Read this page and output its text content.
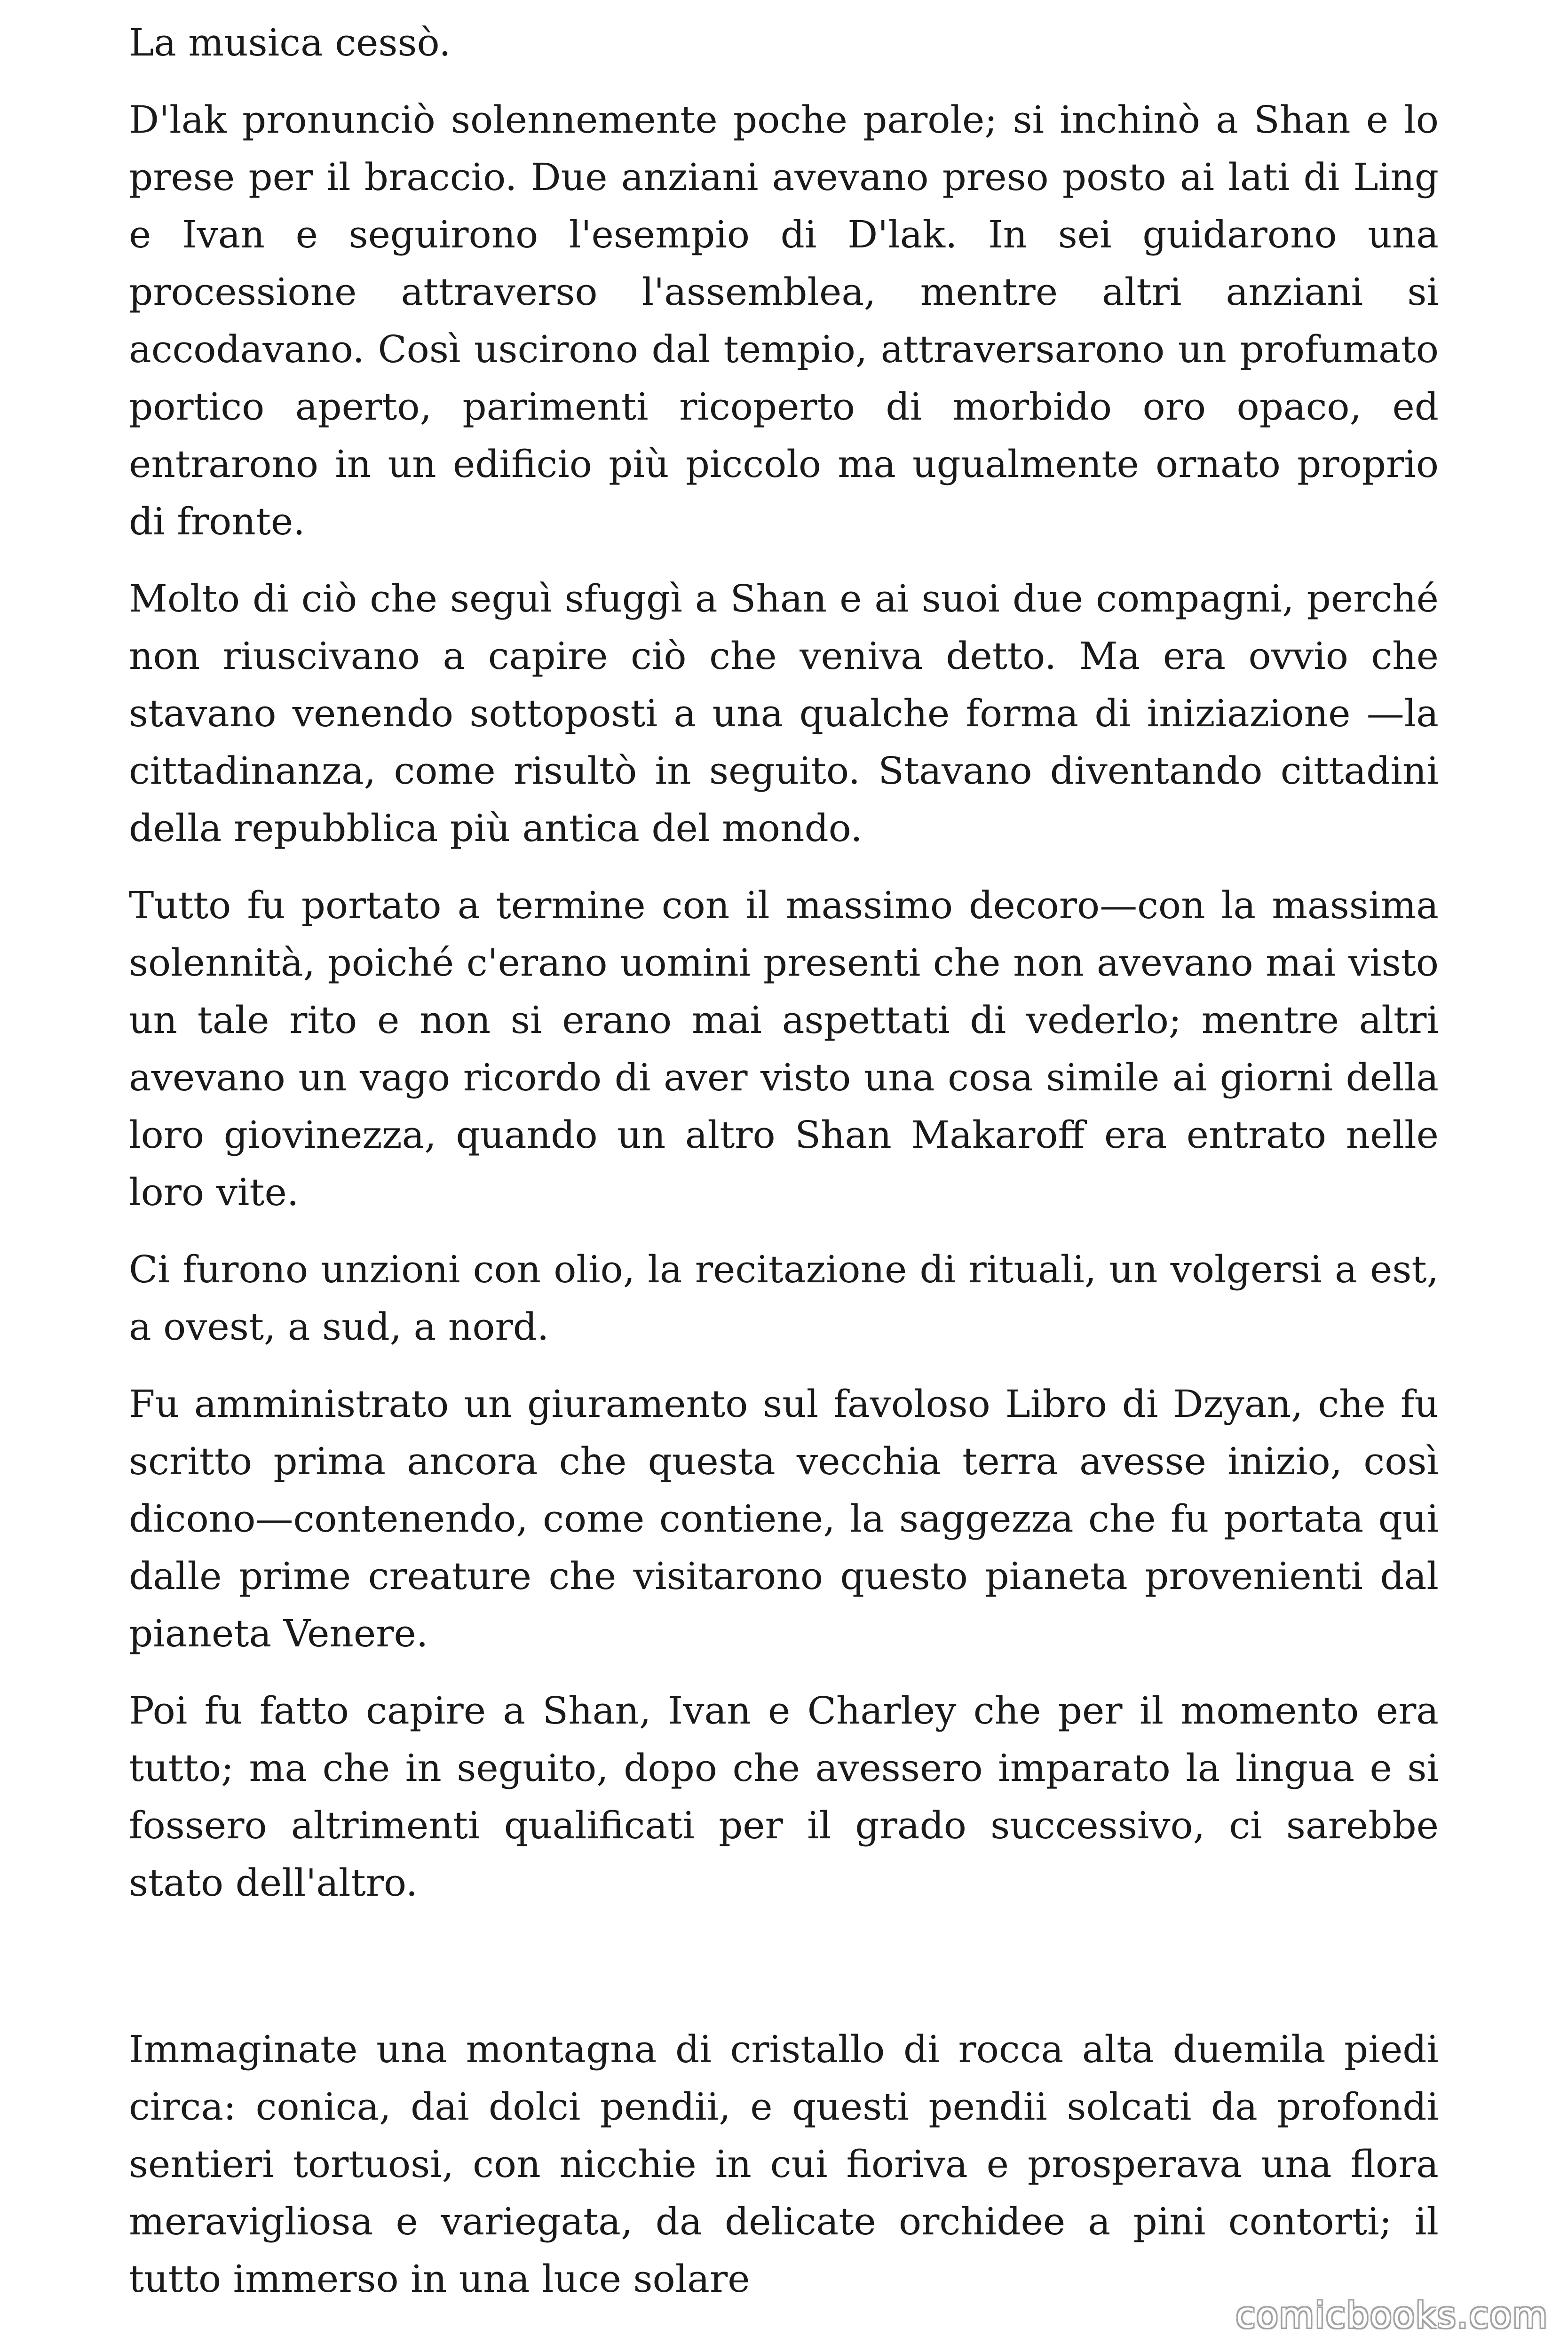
La musica cessò.

D'lak pronunciò solennemente poche parole; si inchinò a Shan e lo prese per il braccio. Due anziani avevano preso posto ai lati di Ling e Ivan e seguirono l'esempio di D'lak. In sei guidarono una processione attraverso l'assemblea, mentre altri anziani si accodavano. Così uscirono dal tempio, attraversarono un profumato portico aperto, parimenti ricoperto di morbido oro opaco, ed entrarono in un edificio più piccolo ma ugualmente ornato proprio di fronte.

Molto di ciò che seguì sfuggì a Shan e ai suoi due compagni, perché non riuscivano a capire ciò che veniva detto. Ma era ovvio che stavano venendo sottoposti a una qualche forma di iniziazione —la cittadinanza, come risultò in seguito. Stavano diventando cittadini della repubblica più antica del mondo.

Tutto fu portato a termine con il massimo decoro—con la massima solennità, poiché c'erano uomini presenti che non avevano mai visto un tale rito e non si erano mai aspettati di vederlo; mentre altri avevano un vago ricordo di aver visto una cosa simile ai giorni della loro giovinezza, quando un altro Shan Makaroff era entrato nelle loro vite.

Ci furono unzioni con olio, la recitazione di rituali, un volgersi a est, a ovest, a sud, a nord.

Fu amministrato un giuramento sul favoloso Libro di Dzyan, che fu scritto prima ancora che questa vecchia terra avesse inizio, così dicono—contenendo, come contiene, la saggezza che fu portata qui dalle prime creature che visitarono questo pianeta provenienti dal pianeta Venere.

Poi fu fatto capire a Shan, Ivan e Charley che per il momento era tutto; ma che in seguito, dopo che avessero imparato la lingua e si fossero altrimenti qualificati per il grado successivo, ci sarebbe stato dell'altro.

Immaginate una montagna di cristallo di rocca alta duemila piedi circa: conica, dai dolci pendii, e questi pendii solcati da profondi sentieri tortuosi, con nicchie in cui fioriva e prosperava una flora meravigliosa e variegata, da delicate orchidee a pini contorti; il tutto immerso in una luce solare

comicbooks.com
